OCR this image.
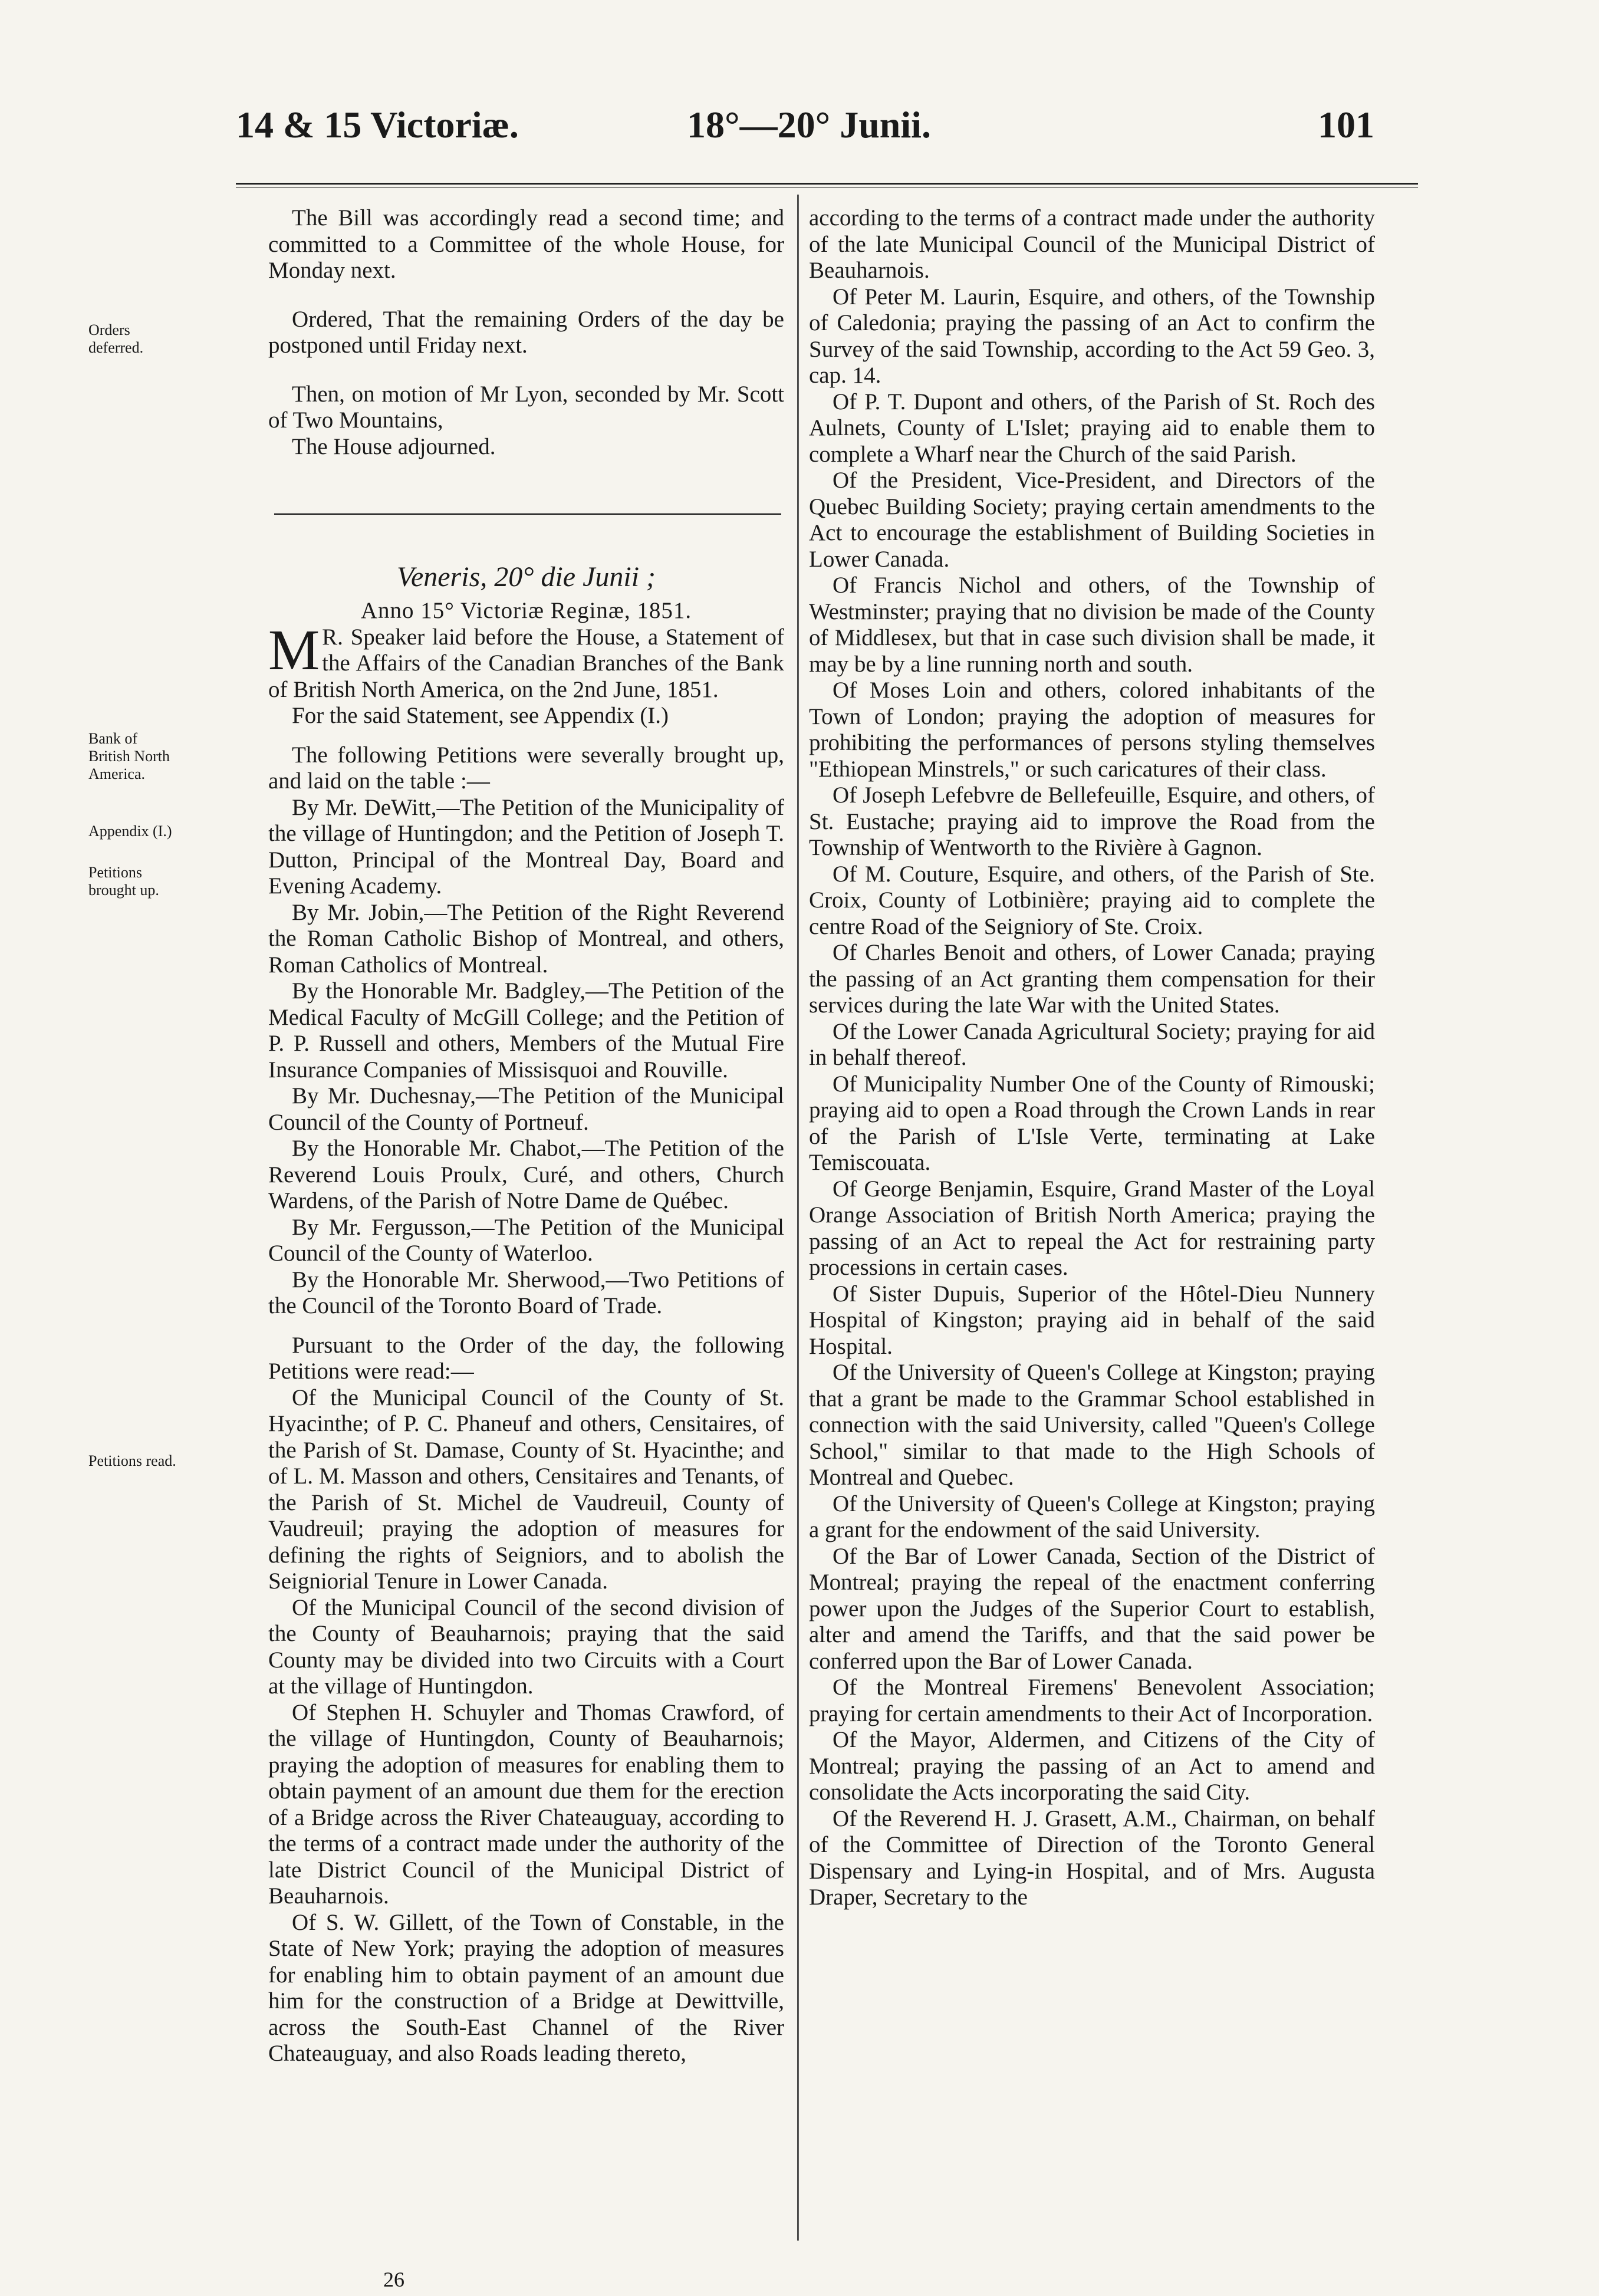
14 & 15 Victoriæ.	18°—20° Junii.	101
Orders deferred.
Bank of British North America.
Appendix (I.)
Petitions brought up.
Petitions read.

The Bill was accordingly read a second time; and committed to a Committee of the whole House, for Monday next.

Ordered, That the remaining Orders of the day be postponed until Friday next.

Then, on motion of Mr Lyon, seconded by Mr. Scott of Two Mountains,

The House adjourned.

Veneris, 20° die Junii ;

Anno 15° Victoriæ Reginæ, 1851.

M R. Speaker laid before the House, a Statement of the Affairs of the Canadian Branches of the Bank of British North America, on the 2nd June, 1851.

For the said Statement, see Appendix (I.)

The following Petitions were severally brought up, and laid on the table :—

By Mr. DeWitt,—The Petition of the Municipality of the village of Huntingdon; and the Petition of Joseph T. Dutton, Principal of the Montreal Day, Board and Evening Academy.

By Mr. Jobin,—The Petition of the Right Reverend the Roman Catholic Bishop of Montreal, and others, Roman Catholics of Montreal.

By the Honorable Mr. Badgley,—The Petition of the Medical Faculty of McGill College; and the Petition of P. P. Russell and others, Members of the Mutual Fire Insurance Companies of Missisquoi and Rouville.

By Mr. Duchesnay,—The Petition of the Municipal Council of the County of Portneuf.

By the Honorable Mr. Chabot,—The Petition of the Reverend Louis Proulx, Curé, and others, Church Wardens, of the Parish of Notre Dame de Québec.

By Mr. Fergusson,—The Petition of the Municipal Council of the County of Waterloo.

By the Honorable Mr. Sherwood,—Two Petitions of the Council of the Toronto Board of Trade.

Pursuant to the Order of the day, the following Petitions were read:—

Of the Municipal Council of the County of St. Hyacinthe; of P. C. Phaneuf and others, Censitaires, of the Parish of St. Damase, County of St. Hyacinthe; and of L. M. Masson and others, Censitaires and Tenants, of the Parish of St. Michel de Vaudreuil, County of Vaudreuil; praying the adoption of measures for defining the rights of Seigniors, and to abolish the Seigniorial Tenure in Lower Canada.

Of the Municipal Council of the second division of the County of Beauharnois; praying that the said County may be divided into two Circuits with a Court at the village of Huntingdon.

Of Stephen H. Schuyler and Thomas Crawford, of the village of Huntingdon, County of Beauharnois; praying the adoption of measures for enabling them to obtain payment of an amount due them for the erection of a Bridge across the River Chateauguay, according to the terms of a contract made under the authority of the late District Council of the Municipal District of Beauharnois.

Of S. W. Gillett, of the Town of Constable, in the State of New York; praying the adoption of measures for enabling him to obtain payment of an amount due him for the construction of a Bridge at Dewittville, across the South-East Channel of the River Chateauguay, and also Roads leading thereto,

26

according to the terms of a contract made under the authority of the late Municipal Council of the Municipal District of Beauharnois.

Of Peter M. Laurin, Esquire, and others, of the Township of Caledonia; praying the passing of an Act to confirm the Survey of the said Township, according to the Act 59 Geo. 3, cap. 14.

Of P. T. Dupont and others, of the Parish of St. Roch des Aulnets, County of L'Islet; praying aid to enable them to complete a Wharf near the Church of the said Parish.

Of the President, Vice-President, and Directors of the Quebec Building Society; praying certain amendments to the Act to encourage the establishment of Building Societies in Lower Canada.

Of Francis Nichol and others, of the Township of Westminster; praying that no division be made of the County of Middlesex, but that in case such division shall be made, it may be by a line running north and south.

Of Moses Loin and others, colored inhabitants of the Town of London; praying the adoption of measures for prohibiting the performances of persons styling themselves "Ethiopean Minstrels," or such caricatures of their class.

Of Joseph Lefebvre de Bellefeuille, Esquire, and others, of St. Eustache; praying aid to improve the Road from the Township of Wentworth to the Rivière à Gagnon.

Of M. Couture, Esquire, and others, of the Parish of Ste. Croix, County of Lotbinière; praying aid to complete the centre Road of the Seigniory of Ste. Croix.

Of Charles Benoit and others, of Lower Canada; praying the passing of an Act granting them compensation for their services during the late War with the United States.

Of the Lower Canada Agricultural Society; praying for aid in behalf thereof.

Of Municipality Number One of the County of Rimouski; praying aid to open a Road through the Crown Lands in rear of the Parish of L'Isle Verte, terminating at Lake Temiscouata.

Of George Benjamin, Esquire, Grand Master of the Loyal Orange Association of British North America; praying the passing of an Act to repeal the Act for restraining party processions in certain cases.

Of Sister Dupuis, Superior of the Hôtel-Dieu Nunnery Hospital of Kingston; praying aid in behalf of the said Hospital.

Of the University of Queen's College at Kingston; praying that a grant be made to the Grammar School established in connection with the said University, called "Queen's College School," similar to that made to the High Schools of Montreal and Quebec.

Of the University of Queen's College at Kingston; praying a grant for the endowment of the said University.

Of the Bar of Lower Canada, Section of the District of Montreal; praying the repeal of the enactment conferring power upon the Judges of the Superior Court to establish, alter and amend the Tariffs, and that the said power be conferred upon the Bar of Lower Canada.

Of the Montreal Firemens' Benevolent Association; praying for certain amendments to their Act of Incorporation.

Of the Mayor, Aldermen, and Citizens of the City of Montreal; praying the passing of an Act to amend and consolidate the Acts incorporating the said City.

Of the Reverend H. J. Grasett, A.M., Chairman, on behalf of the Committee of Direction of the Toronto General Dispensary and Lying-in Hospital, and of Mrs. Augusta Draper, Secretary to the
